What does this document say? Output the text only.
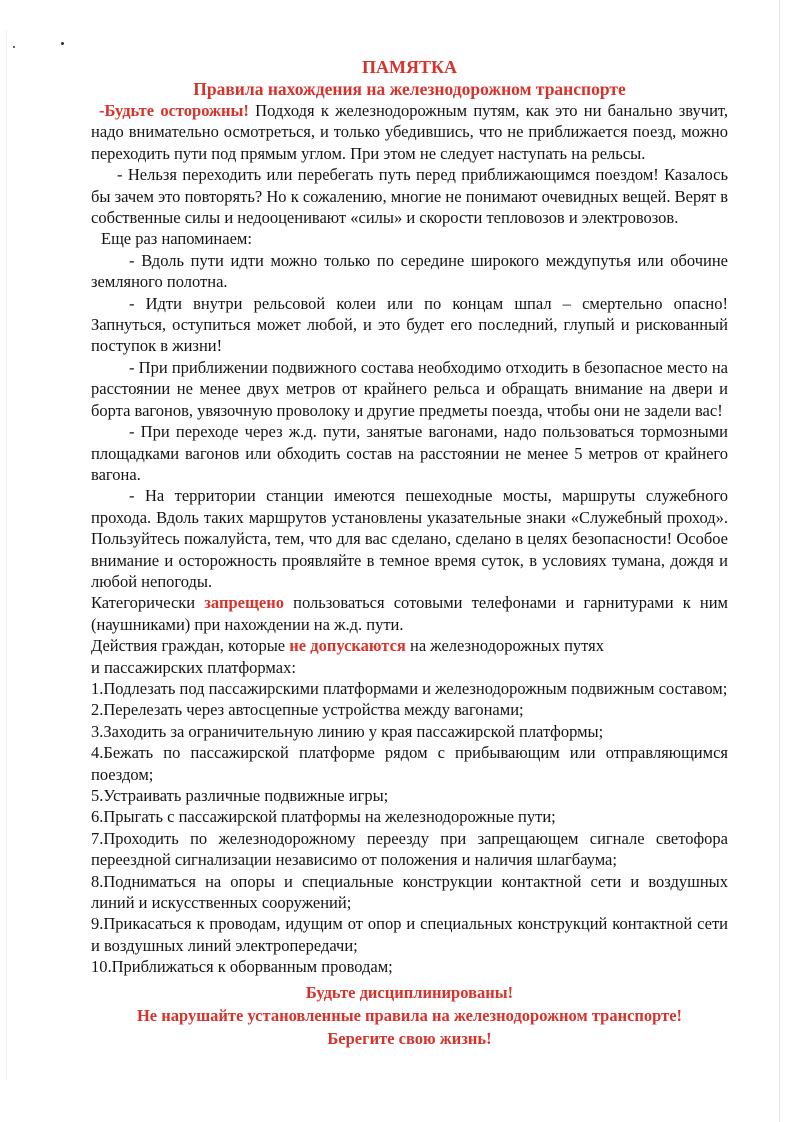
ПАМЯТКА
Правила нахождения на железнодорожном транспорте

-Будьте осторожны! Подходя к железнодорожным путям, как это ни банально звучит, надо внимательно осмотреться, и только убедившись, что не приближается поезд, можно переходить пути под прямым углом. При этом не следует наступать на рельсы.

- Нельзя переходить или перебегать путь перед приближающимся поездом! Казалось бы зачем это повторять? Но к сожалению, многие не понимают очевидных вещей. Верят в собственные силы и недооценивают «силы» и скорости тепловозов и электровозов.

Еще раз напоминаем:

- Вдоль пути идти можно только по середине широкого междупутья или обочине земляного полотна.

- Идти внутри рельсовой колеи или по концам шпал – смертельно опасно! Запнуться, оступиться может любой, и это будет его последний, глупый и рискованный поступок в жизни!

- При приближении подвижного состава необходимо отходить в безопасное место на расстоянии не менее двух метров от крайнего рельса и обращать внимание на двери и борта вагонов, увязочную проволоку и другие предметы поезда, чтобы они не задели вас!

- При переходе через ж.д. пути, занятые вагонами, надо пользоваться тормозными площадками вагонов или обходить состав на расстоянии не менее 5 метров от крайнего вагона.

- На территории станции имеются пешеходные мосты, маршруты служебного прохода. Вдоль таких маршрутов установлены указательные знаки «Служебный проход». Пользуйтесь пожалуйста, тем, что для вас сделано, сделано в целях безопасности! Особое внимание и осторожность проявляйте в темное время суток, в условиях тумана, дождя и любой непогоды.

Категорически запрещено пользоваться сотовыми телефонами и гарнитурами к ним (наушниками) при нахождении на ж.д. пути.

Действия граждан, которые не допускаются на железнодорожных путях

и пассажирских платформах:

1.Подлезать под пассажирскими платформами и железнодорожным подвижным составом;

2.Перелезать через автосцепные устройства между вагонами;

3.Заходить за ограничительную линию у края пассажирской платформы;

4.Бежать по пассажирской платформе рядом с прибывающим или отправляющимся поездом;

5.Устраивать различные подвижные игры;

6.Прыгать с пассажирской платформы на железнодорожные пути;

7.Проходить по железнодорожному переезду при запрещающем сигнале светофора переездной сигнализации независимо от положения и наличия шлагбаума;

8.Подниматься на опоры и специальные конструкции контактной сети и воздушных линий и искусственных сооружений;

9.Прикасаться к проводам, идущим от опор и специальных конструкций контактной сети и воздушных линий электропередачи;

10.Приближаться к оборванным проводам;

Будьте дисциплинированы!
Не нарушайте установленные правила на железнодорожном транспорте!
Берегите свою жизнь!
